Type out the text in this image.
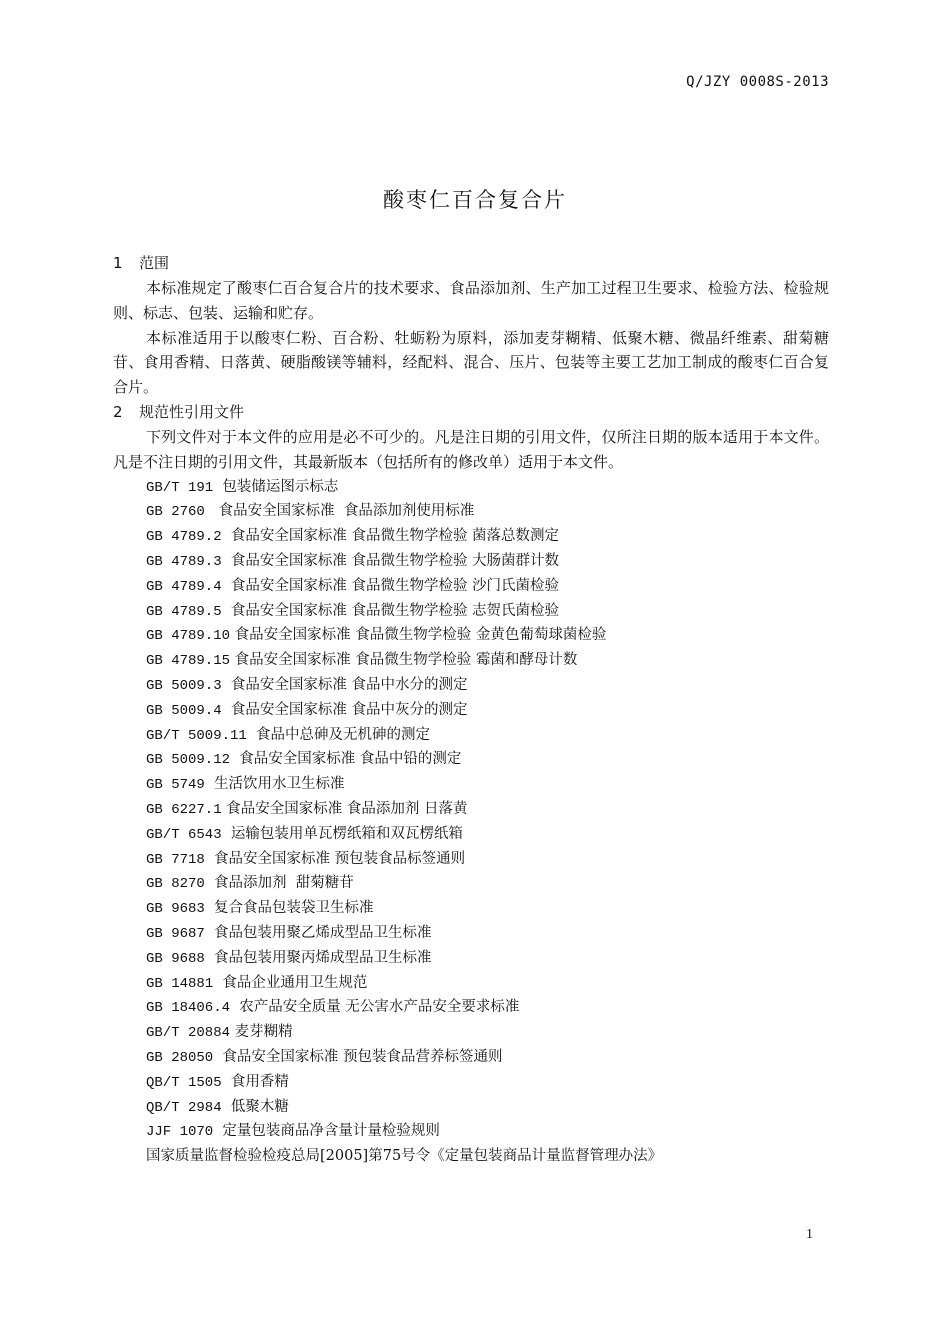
Q/JZY 0008S-2013
酸枣仁百合复合片
1 范围

本标准规定了酸枣仁百合复合片的技术要求、食品添加剂、生产加工过程卫生要求、检验方法、检验规则、标志、包装、运输和贮存。

本标准适用于以酸枣仁粉、百合粉、牡蛎粉为原料，添加麦芽糊精、低聚木糖、微晶纤维素、甜菊糖苷、食用香精、日落黄、硬脂酸镁等辅料，经配料、混合、压片、包装等主要工艺加工制成的酸枣仁百合复合片。

2 规范性引用文件

下列文件对于本文件的应用是必不可少的。凡是注日期的引用文件，仅所注日期的版本适用于本文件。凡是不注日期的引用文件，其最新版本（包括所有的修改单）适用于本文件。

GB/T 191  包装储运图示标志
GB 2760   食品安全国家标准  食品添加剂使用标准
GB 4789.2  食品安全国家标准 食品微生物学检验 菌落总数测定
GB 4789.3  食品安全国家标准 食品微生物学检验 大肠菌群计数
GB 4789.4  食品安全国家标准 食品微生物学检验 沙门氏菌检验
GB 4789.5  食品安全国家标准 食品微生物学检验 志贺氏菌检验
GB 4789.10 食品安全国家标准 食品微生物学检验 金黄色葡萄球菌检验
GB 4789.15 食品安全国家标准 食品微生物学检验 霉菌和酵母计数
GB 5009.3  食品安全国家标准 食品中水分的测定
GB 5009.4  食品安全国家标准 食品中灰分的测定
GB/T 5009.11  食品中总砷及无机砷的测定
GB 5009.12  食品安全国家标准 食品中铅的测定
GB 5749  生活饮用水卫生标准
GB 6227.1 食品安全国家标准 食品添加剂 日落黄
GB/T 6543  运输包装用单瓦楞纸箱和双瓦楞纸箱
GB 7718  食品安全国家标准 预包装食品标签通则
GB 8270  食品添加剂  甜菊糖苷
GB 9683  复合食品包装袋卫生标准
GB 9687  食品包装用聚乙烯成型品卫生标准
GB 9688  食品包装用聚丙烯成型品卫生标准
GB 14881  食品企业通用卫生规范
GB 18406.4  农产品安全质量 无公害水产品安全要求标准
GB/T 20884 麦芽糊精
GB 28050  食品安全国家标准 预包装食品营养标签通则
QB/T 1505  食用香精
QB/T 2984  低聚木糖
JJF 1070  定量包装商品净含量计量检验规则
国家质量监督检验检疫总局[2005]第75号令《定量包装商品计量监督管理办法》
1
